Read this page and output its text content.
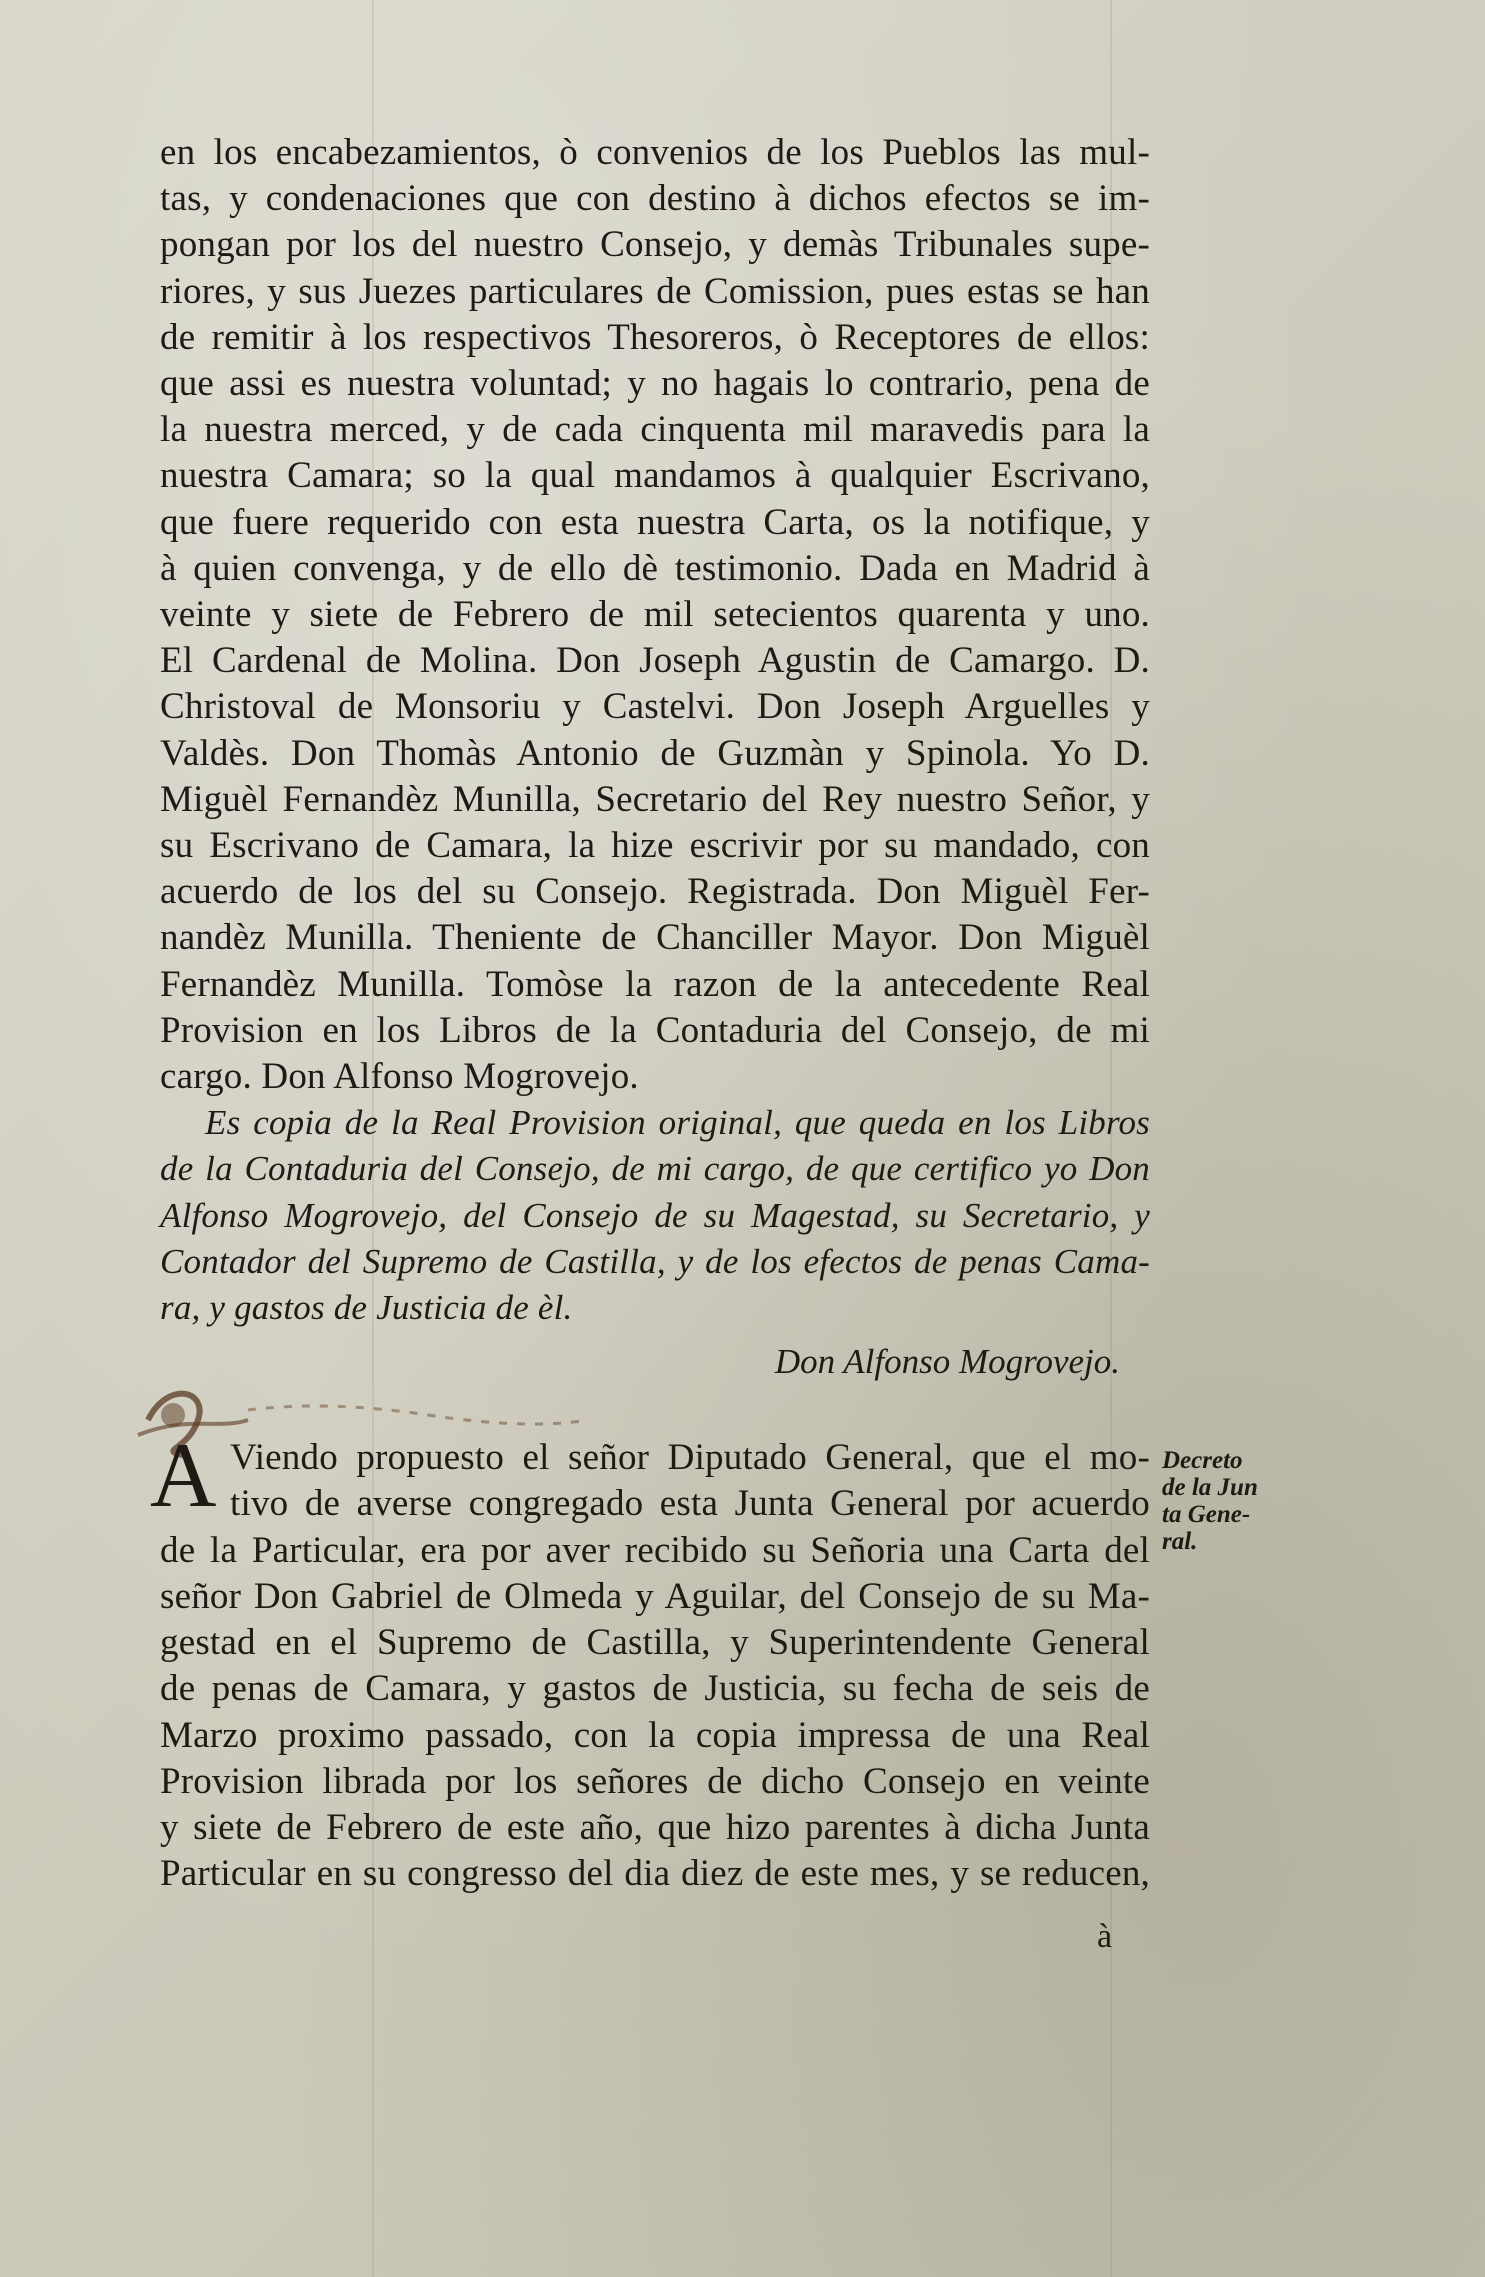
en los encabezamientos, ò convenios de los Pueblos las mul-
tas, y condenaciones que con destino à dichos efectos se im-
pongan por los del nuestro Consejo, y demàs Tribunales supe-
riores, y sus Juezes particulares de Comission, pues estas se han
de remitir à los respectivos Thesoreros, ò Receptores de ellos:
que assi es nuestra voluntad; y no hagais lo contrario, pena de
la nuestra merced, y de cada cinquenta mil maravedis para la
nuestra Camara; so la qual mandamos à qualquier Escrivano,
que fuere requerido con esta nuestra Carta, os la notifique, y
à quien convenga, y de ello dè testimonio. Dada en Madrid à
veinte y siete de Febrero de mil setecientos quarenta y uno.
El Cardenal de Molina. Don Joseph Agustin de Camargo. D.
Christoval de Monsoriu y Castelvi. Don Joseph Arguelles y
Valdès. Don Thomàs Antonio de Guzmàn y Spinola. Yo D.
Miguèl Fernandèz Munilla, Secretario del Rey nuestro Señor, y
su Escrivano de Camara, la hize escrivir por su mandado, con
acuerdo de los del su Consejo. Registrada. Don Miguèl Fer-
nandèz Munilla. Theniente de Chanciller Mayor. Don Miguèl
Fernandèz Munilla. Tomòse la razon de la antecedente Real
Provision en los Libros de la Contaduria del Consejo, de mi
cargo. Don Alfonso Mogrovejo.
Es copia de la Real Provision original, que queda en los Libros
de la Contaduria del Consejo, de mi cargo, de que certifico yo Don
Alfonso Mogrovejo, del Consejo de su Magestad, su Secretario, y
Contador del Supremo de Castilla, y de los efectos de penas Cama-
ra, y gastos de Justicia de èl.
Don Alfonso Mogrovejo.
A Viendo propuesto el señor Diputado General, que el mo-
tivo de averse congregado esta Junta General por acuerdo
de la Particular, era por aver recibido su Señoria una Carta del
señor Don Gabriel de Olmeda y Aguilar, del Consejo de su Ma-
gestad en el Supremo de Castilla, y Superintendente General
de penas de Camara, y gastos de Justicia, su fecha de seis de
Marzo proximo passado, con la copia impressa de una Real
Provision librada por los señores de dicho Consejo en veinte
y siete de Febrero de este año, que hizo parentes à dicha Junta
Particular en su congresso del dia diez de este mes, y se reducen,
Decreto
de la Jun
ta Gene-
ral.
à
